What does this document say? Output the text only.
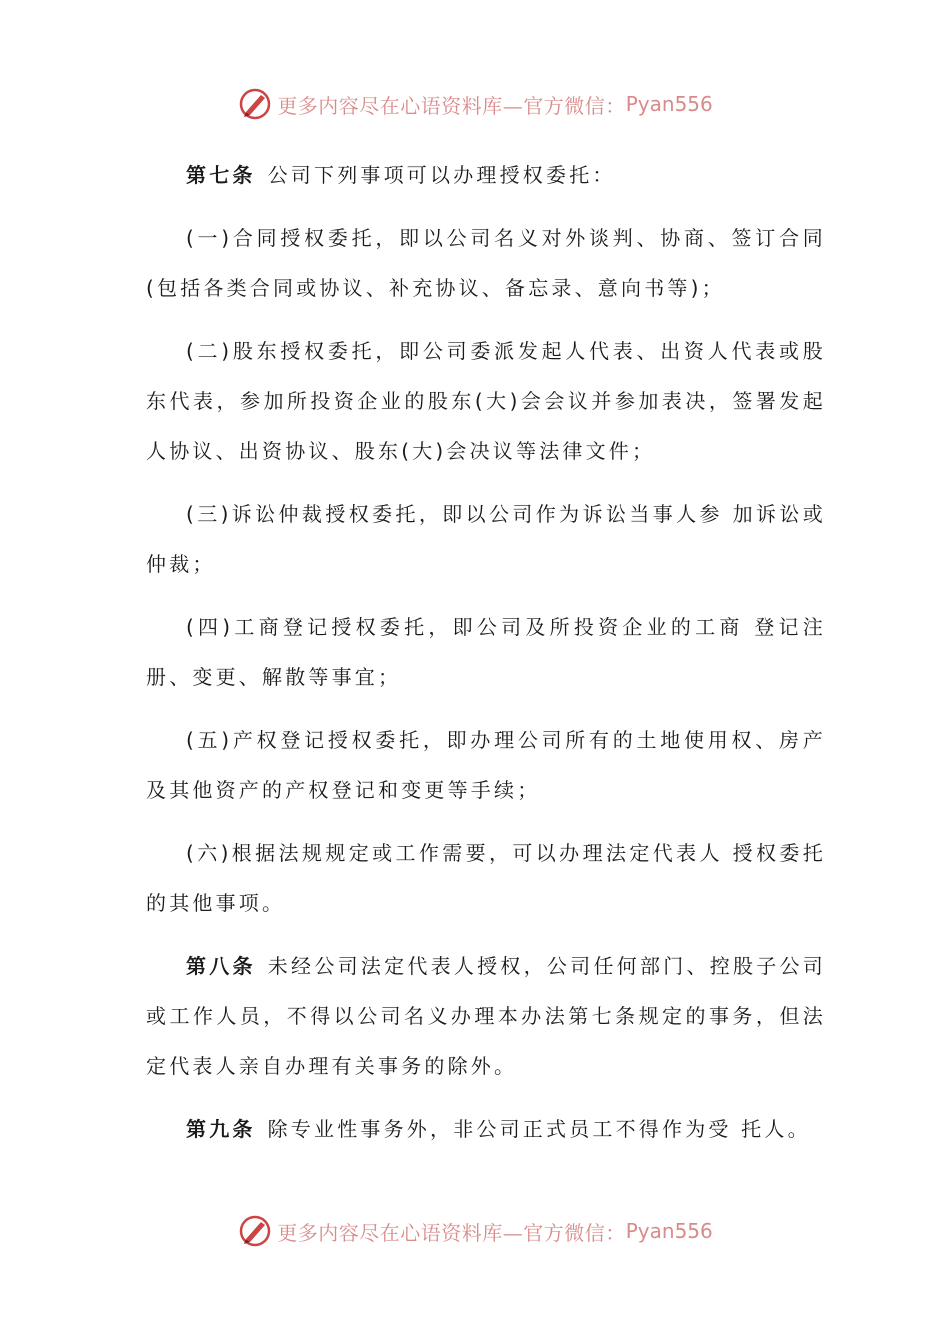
更多内容尽在心语资料库—官方微信： Pyan556

第七条 公司下列事项可以办理授权委托：

(一)合同授权委托，即以公司名义对外谈判、协商、签订合同(包括各类合同或协议、补充协议、备忘录、意向书等)；

(二)股东授权委托，即公司委派发起人代表、出资人代表或股东代表，参加所投资企业的股东(大)会会议并参加表决，签署发起人协议、出资协议、股东(大)会决议等法律文件；

(三)诉讼仲裁授权委托，即以公司作为诉讼当事人参 加诉讼或仲裁；

(四)工商登记授权委托，即公司及所投资企业的工商 登记注册、变更、解散等事宜；

(五)产权登记授权委托，即办理公司所有的土地使用权、房产及其他资产的产权登记和变更等手续；

(六)根据法规规定或工作需要，可以办理法定代表人 授权委托的其他事项。

第八条 未经公司法定代表人授权，公司任何部门、控股子公司或工作人员，不得以公司名义办理本办法第七条规定的事务，但法定代表人亲自办理有关事务的除外。

第九条 除专业性事务外，非公司正式员工不得作为受 托人。

更多内容尽在心语资料库—官方微信： Pyan556
